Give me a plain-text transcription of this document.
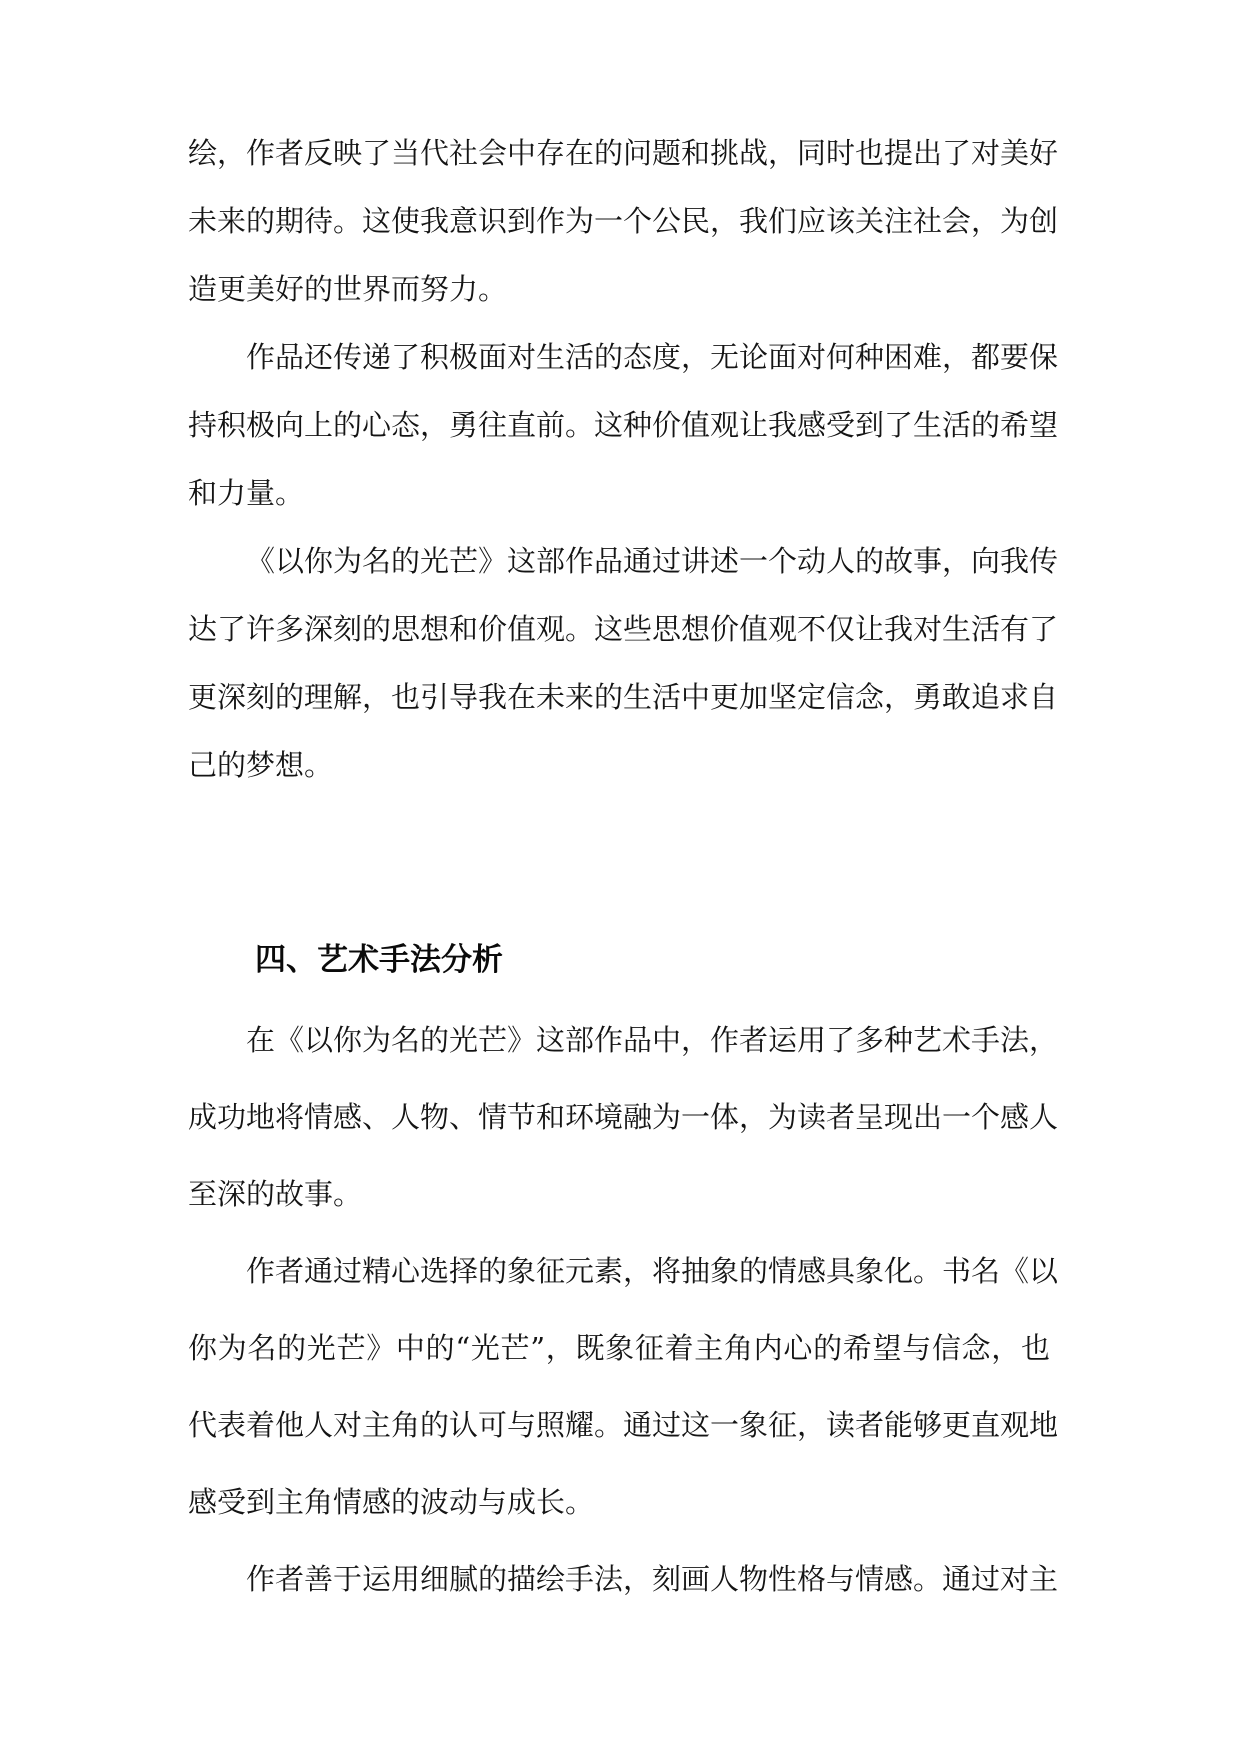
绘，作者反映了当代社会中存在的问题和挑战，同时也提出了对美好
未来的期待。这使我意识到作为一个公民，我们应该关注社会，为创
造更美好的世界而努力。
作品还传递了积极面对生活的态度，无论面对何种困难，都要保
持积极向上的心态，勇往直前。这种价值观让我感受到了生活的希望
和力量。
《以你为名的光芒》这部作品通过讲述一个动人的故事，向我传
达了许多深刻的思想和价值观。这些思想价值观不仅让我对生活有了
更深刻的理解，也引导我在未来的生活中更加坚定信念，勇敢追求自
己的梦想。
四、艺术手法分析
在《以你为名的光芒》这部作品中，作者运用了多种艺术手法，
成功地将情感、人物、情节和环境融为一体，为读者呈现出一个感人
至深的故事。
作者通过精心选择的象征元素，将抽象的情感具象化。书名《以
你为名的光芒》中的“光芒”，既象征着主角内心的希望与信念，也
代表着他人对主角的认可与照耀。通过这一象征，读者能够更直观地
感受到主角情感的波动与成长。
作者善于运用细腻的描绘手法，刻画人物性格与情感。通过对主
